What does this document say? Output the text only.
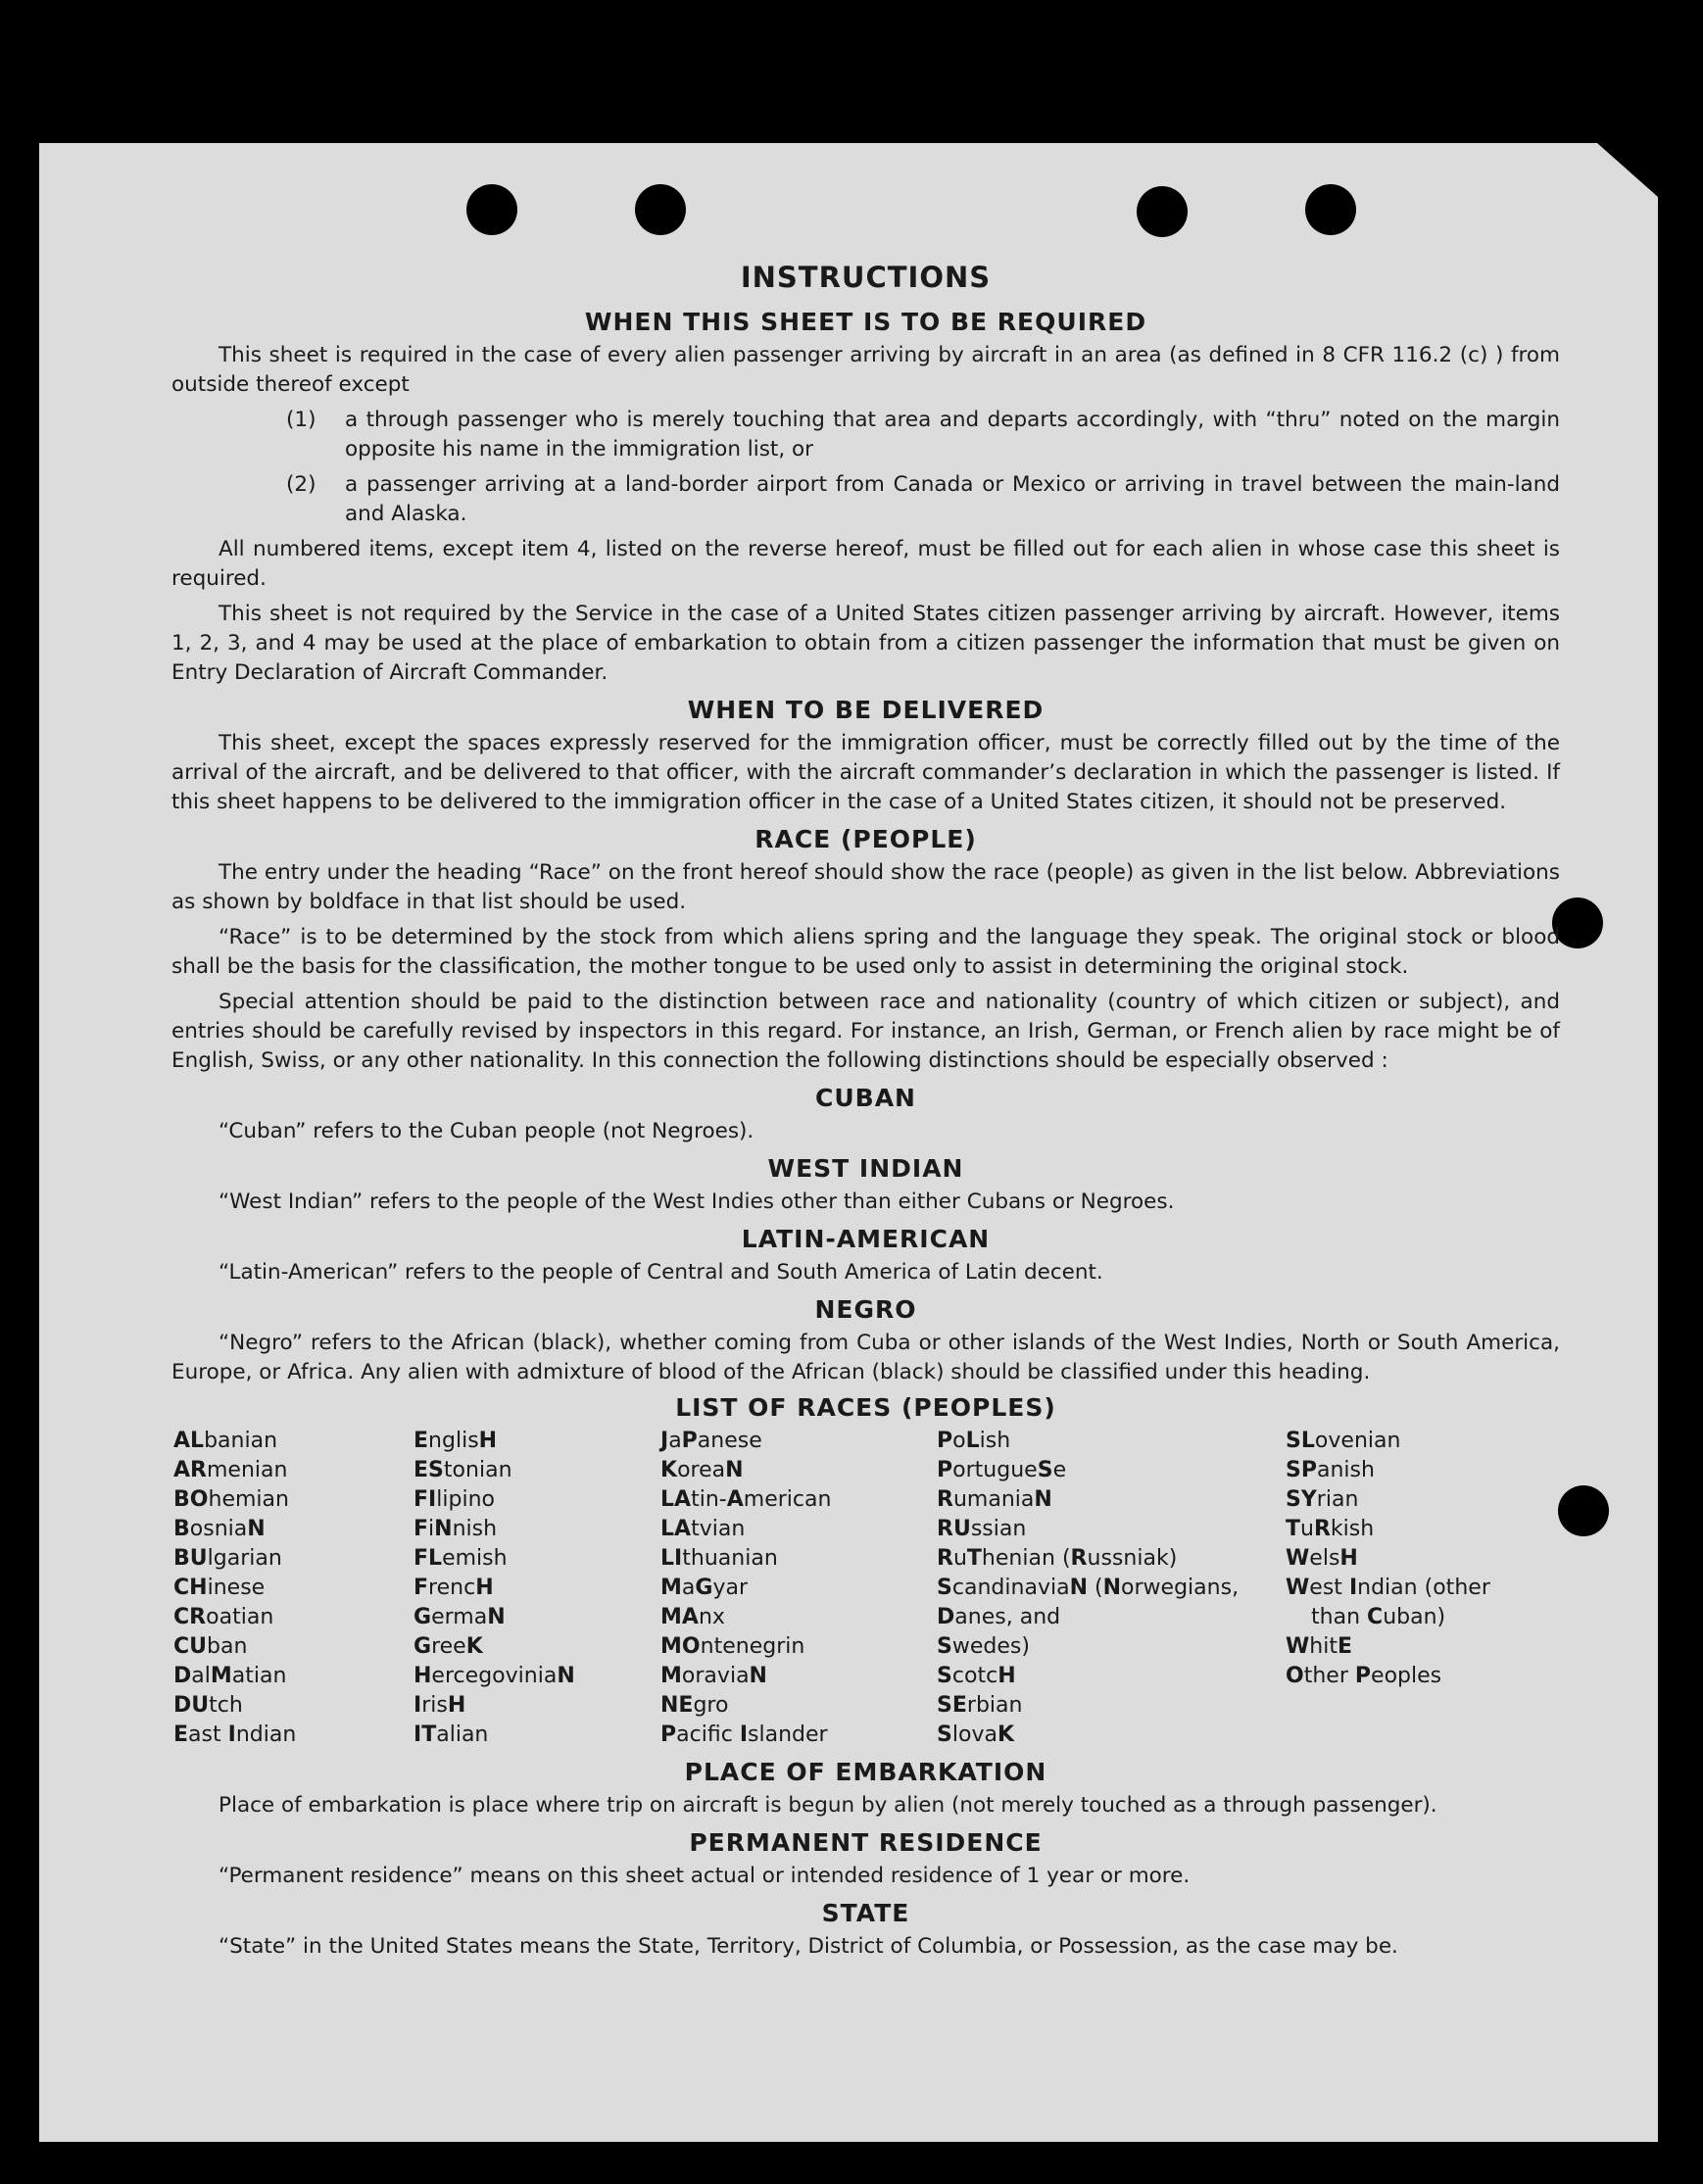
INSTRUCTIONS
WHEN THIS SHEET IS TO BE REQUIRED

This sheet is required in the case of every alien passenger arriving by aircraft in an area (as defined in 8 CFR 116.2 (c) ) from outside thereof except

(1)	a through passenger who is merely touching that area and departs accordingly, with “thru” noted on the margin opposite his name in the immigration list, or
(2)	a passenger arriving at a land-border airport from Canada or Mexico or arriving in travel between the main-land and Alaska.

All numbered items, except item 4, listed on the reverse hereof, must be filled out for each alien in whose case this sheet is required.

This sheet is not required by the Service in the case of a United States citizen passenger arriving by aircraft. However, items 1, 2, 3, and 4 may be used at the place of embarkation to obtain from a citizen passenger the information that must be given on Entry Declaration of Aircraft Commander.

WHEN TO BE DELIVERED

This sheet, except the spaces expressly reserved for the immigration officer, must be correctly filled out by the time of the arrival of the aircraft, and be delivered to that officer, with the aircraft commander’s declaration in which the passenger is listed. If this sheet happens to be delivered to the immigration officer in the case of a United States citizen, it should not be preserved.

RACE (PEOPLE)

The entry under the heading “Race” on the front hereof should show the race (people) as given in the list below. Abbreviations as shown by boldface in that list should be used.

“Race” is to be determined by the stock from which aliens spring and the language they speak. The original stock or blood shall be the basis for the classification, the mother tongue to be used only to assist in determining the original stock.

Special attention should be paid to the distinction between race and nationality (country of which citizen or subject), and entries should be carefully revised by inspectors in this regard. For instance, an Irish, German, or French alien by race might be of English, Swiss, or any other nationality. In this connection the following distinctions should be especially observed :

CUBAN

“Cuban” refers to the Cuban people (not Negroes).

WEST INDIAN

“West Indian” refers to the people of the West Indies other than either Cubans or Negroes.

LATIN-AMERICAN

“Latin-American” refers to the people of Central and South America of Latin decent.

NEGRO

“Negro” refers to the African (black), whether coming from Cuba or other islands of the West Indies, North or South America, Europe, or Africa. Any alien with admixture of blood of the African (black) should be classified under this heading.

LIST OF RACES (PEOPLES)
ALbanian
ARmenian
BOhemian
BosniaN
BUlgarian
CHinese
CRoatian
CUban
DalMatian
DUtch
East Indian
EnglisH
EStonian
FIlipino
FiNnish
FLemish
FrencH
GermaN
GreeK
HercegoviniaN
IrisH
ITalian
JaPanese
KoreaN
LAtin-American
LAtvian
LIthuanian
MaGyar
MAnx
MOntenegrin
MoraviaN
NEgro
Pacifc Islander
PoLish
PortugueSe
RumaniaN
RUssian
RuThenian (Russniak)
ScandinaviaN (Norwegians,
Danes, and
Swedes)
ScotcH
SErbian
SlovaK
SLovenian
SPanish
SYrian
TuRkish
WelsH
West Indian (other
than Cuban)
WhitE
Other Peoples
PLACE OF EMBARKATION

Place of embarkation is place where trip on aircraft is begun by alien (not merely touched as a through passenger).

PERMANENT RESIDENCE

“Permanent residence” means on this sheet actual or intended residence of 1 year or more.

STATE

“State” in the United States means the State, Territory, District of Columbia, or Possession, as the case may be.
